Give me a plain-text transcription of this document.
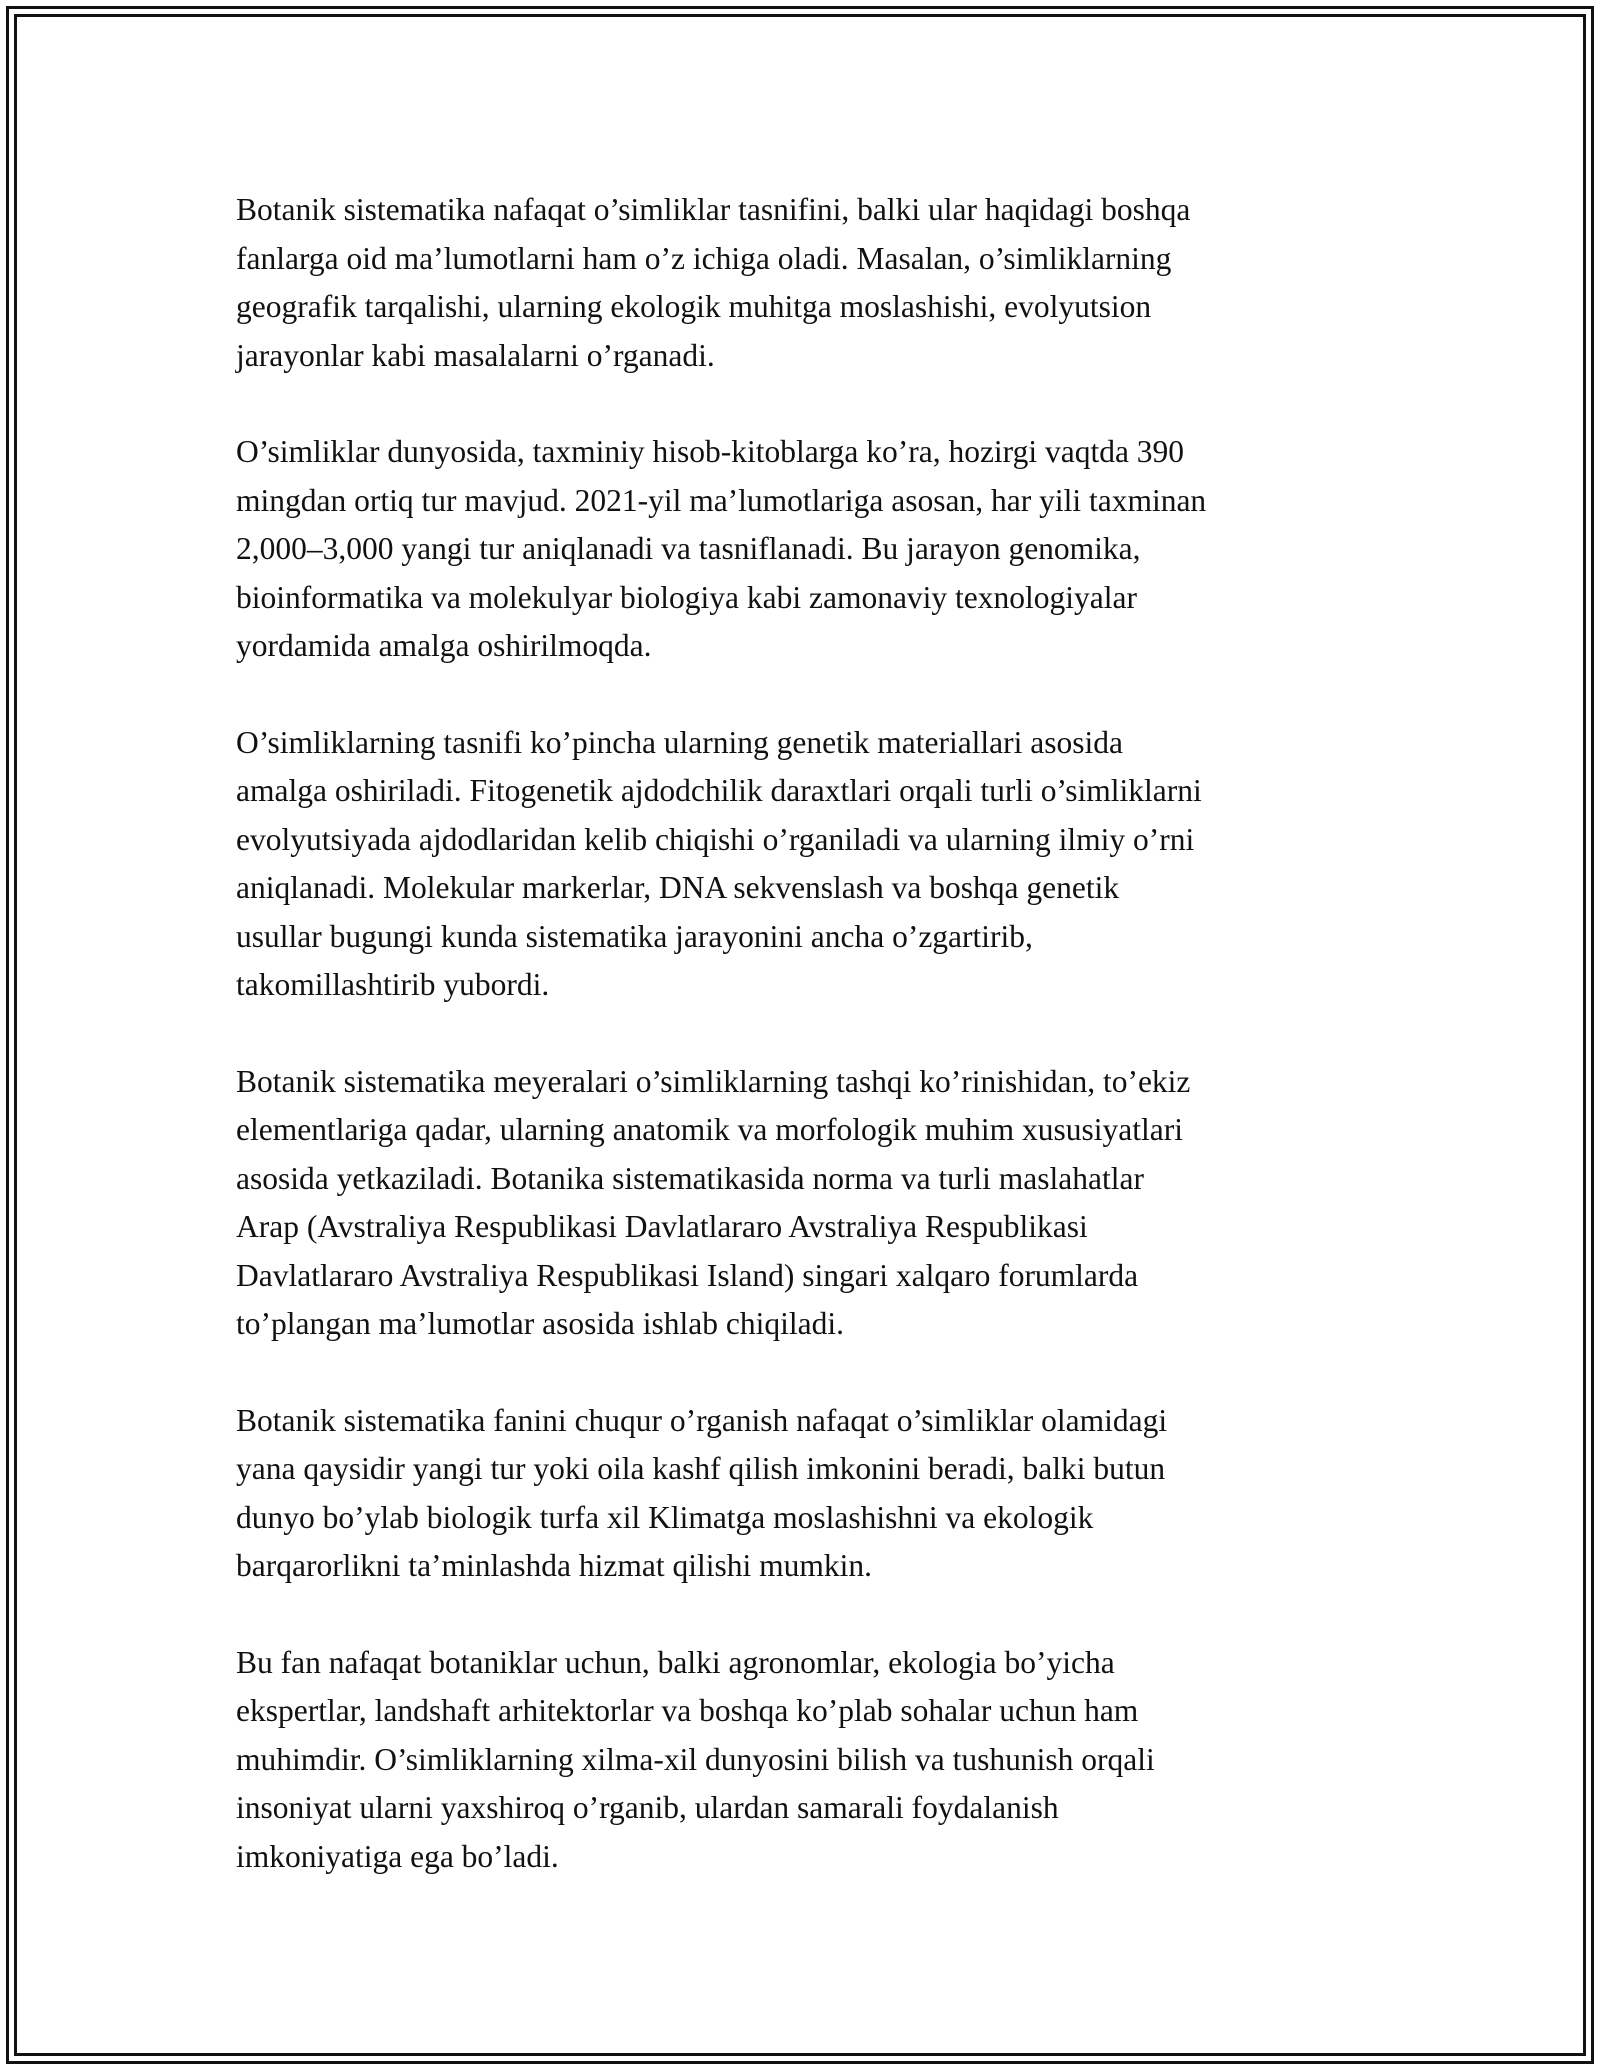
Botanik sistematika nafaqat o’simliklar tasnifini, balki ular haqidagi boshqa
fanlarga oid ma’lumotlarni ham o’z ichiga oladi. Masalan, o’simliklarning
geografik tarqalishi, ularning ekologik muhitga moslashishi, evolyutsion
jarayonlar kabi masalalarni o’rganadi.

O’simliklar dunyosida, taxminiy hisob-kitoblarga ko’ra, hozirgi vaqtda 390
mingdan ortiq tur mavjud. 2021-yil ma’lumotlariga asosan, har yili taxminan
2,000–3,000 yangi tur aniqlanadi va tasniflanadi. Bu jarayon genomika,
bioinformatika va molekulyar biologiya kabi zamonaviy texnologiyalar
yordamida amalga oshirilmoqda.

O’simliklarning tasnifi ko’pincha ularning genetik materiallari asosida
amalga oshiriladi. Fitogenetik ajdodchilik daraxtlari orqali turli o’simliklarni
evolyutsiyada ajdodlaridan kelib chiqishi o’rganiladi va ularning ilmiy o’rni
aniqlanadi. Molekular markerlar, DNA sekvenslash va boshqa genetik
usullar bugungi kunda sistematika jarayonini ancha o’zgartirib,
takomillashtirib yubordi.

Botanik sistematika meyeralari o’simliklarning tashqi ko’rinishidan, to’ekiz
elementlariga qadar, ularning anatomik va morfologik muhim xususiyatlari
asosida yetkaziladi. Botanika sistematikasida norma va turli maslahatlar
Arap (Avstraliya Respublikasi Davlatlararo Avstraliya Respublikasi
Davlatlararo Avstraliya Respublikasi Island) singari xalqaro forumlarda
to’plangan ma’lumotlar asosida ishlab chiqiladi.

Botanik sistematika fanini chuqur o’rganish nafaqat o’simliklar olamidagi
yana qaysidir yangi tur yoki oila kashf qilish imkonini beradi, balki butun
dunyo bo’ylab biologik turfa xil Klimatga moslashishni va ekologik
barqarorlikni ta’minlashda hizmat qilishi mumkin.

Bu fan nafaqat botaniklar uchun, balki agronomlar, ekologia bo’yicha
ekspertlar, landshaft arhitektorlar va boshqa ko’plab sohalar uchun ham
muhimdir. O’simliklarning xilma-xil dunyosini bilish va tushunish orqali
insoniyat ularni yaxshiroq o’rganib, ulardan samarali foydalanish
imkoniyatiga ega bo’ladi.
